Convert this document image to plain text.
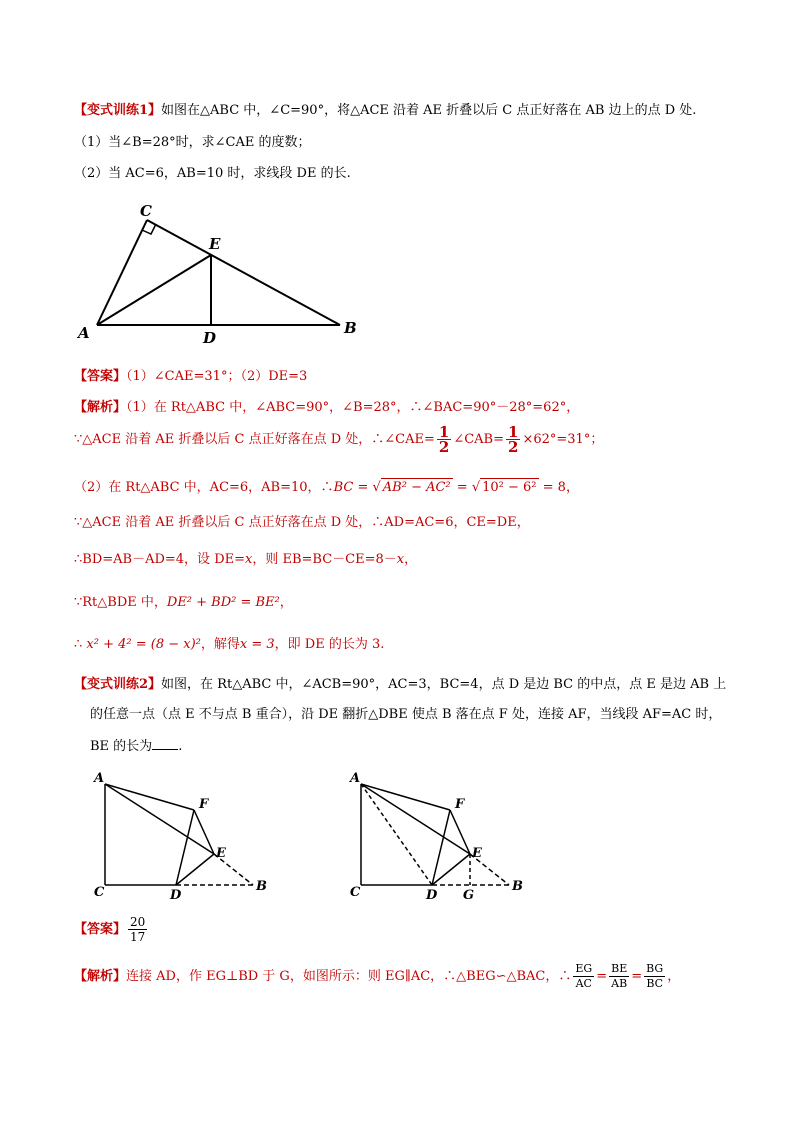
【变式训练1】如图在△ABC 中，∠C=90°，将△ACE 沿着 AE 折叠以后 C 点正好落在 AB 边上的点 D 处.
（1）当∠B=28°时，求∠CAE 的度数；
（2）当 AC=6，AB=10 时，求线段 DE 的长.
C
E
A	D
B
【答案】（1）∠CAE=31°；（2）DE=3
【解析】（1）在 Rt△ABC 中，∠ABC=90°，∠B=28°，∴∠BAC=90°－28°=62°，
∵△ACE 沿着 AE 折叠以后 C 点正好落在点 D 处，∴∠CAE= $\frac{1}{2}$ ∠CAB= $\frac{1}{2} \times 62^\circ=31^\circ$；
（2）在 Rt△ABC 中，AC=6，AB=10，∴BC = √ AB² − AC² = √ 10² − 6² = 8，
∵△ACE 沿着 AE 折叠以后 C 点正好落在点 D 处，∴AD=AC=6，CE=DE，
∴BD=AB－AD=4，设 DE=x，则 EB=BC－CE=8－x，
∵Rt△BDE 中，DE² + BD² = BE²，
∴ x² + 4² = (8 − x)²，解得x = 3，即 DE 的长为 3.
【变式训练2】如图，在 Rt△ABC 中，∠ACB=90°，AC=3，BC=4，点 D 是边 BC 的中点，点 E 是边 AB 上
的任意一点（点 E 不与点 B 重合），沿 DE 翻折△DBE 使点 B 落在点 F 处，连接 AF，当线段 AF=AC 时，
BE 的长为 .
A
F
E
C	D
B
A
F
E
C	D G
B
【答案】 $\frac{20}{17}$
【解析】连接 AD，作 EG⊥BD 于 G，如图所示：则 EG∥AC，∴△BEG∽△BAC，∴ $\frac{EG}{AC} = \frac{BE}{AB} = \frac{BG}{BC}$ ，
